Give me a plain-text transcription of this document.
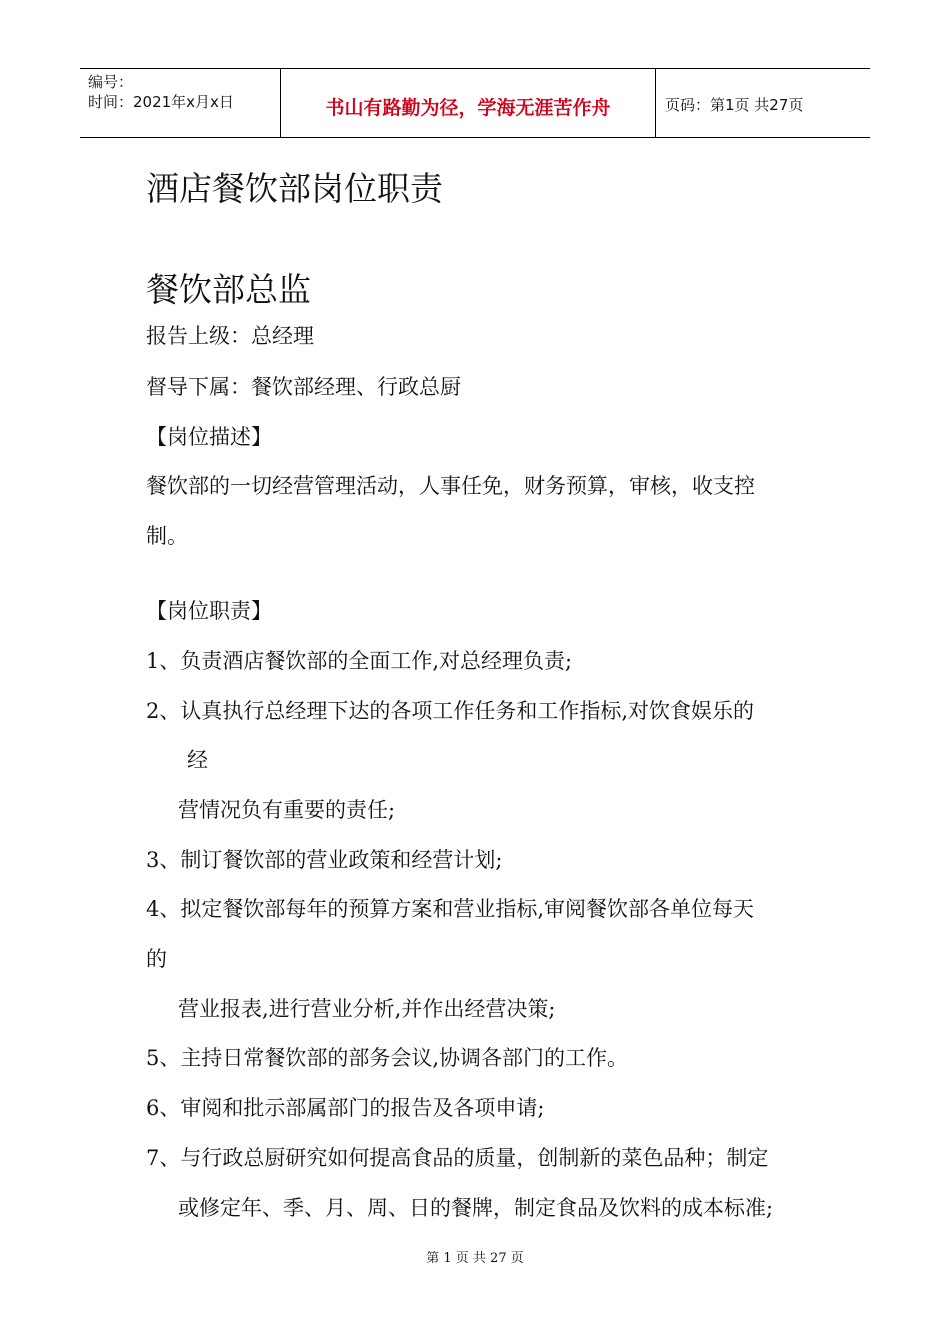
编号：
时间：2021年x月x日	书山有路勤为径，学海无涯苦作舟	页码：第1页 共27页
酒店餐饮部岗位职责
餐饮部总监
报告上级：总经理
督导下属：餐饮部经理、行政总厨
【岗位描述】
餐饮部的一切经营管理活动，人事任免，财务预算，审核，收支控
制。
【岗位职责】
1、负责酒店餐饮部的全面工作,对总经理负责;
2、认真执行总经理下达的各项工作任务和工作指标,对饮食娱乐的
经
营情况负有重要的责任;
3、制订餐饮部的营业政策和经营计划;
4、拟定餐饮部每年的预算方案和营业指标,审阅餐饮部各单位每天
的
营业报表,进行营业分析,并作出经营决策;
5、主持日常餐饮部的部务会议,协调各部门的工作。
6、审阅和批示部属部门的报告及各项申请;
7、与行政总厨研究如何提高食品的质量，创制新的菜色品种；制定
或修定年、季、月、周、日的餐牌，制定食品及饮料的成本标准;
第 1 页 共 27 页
